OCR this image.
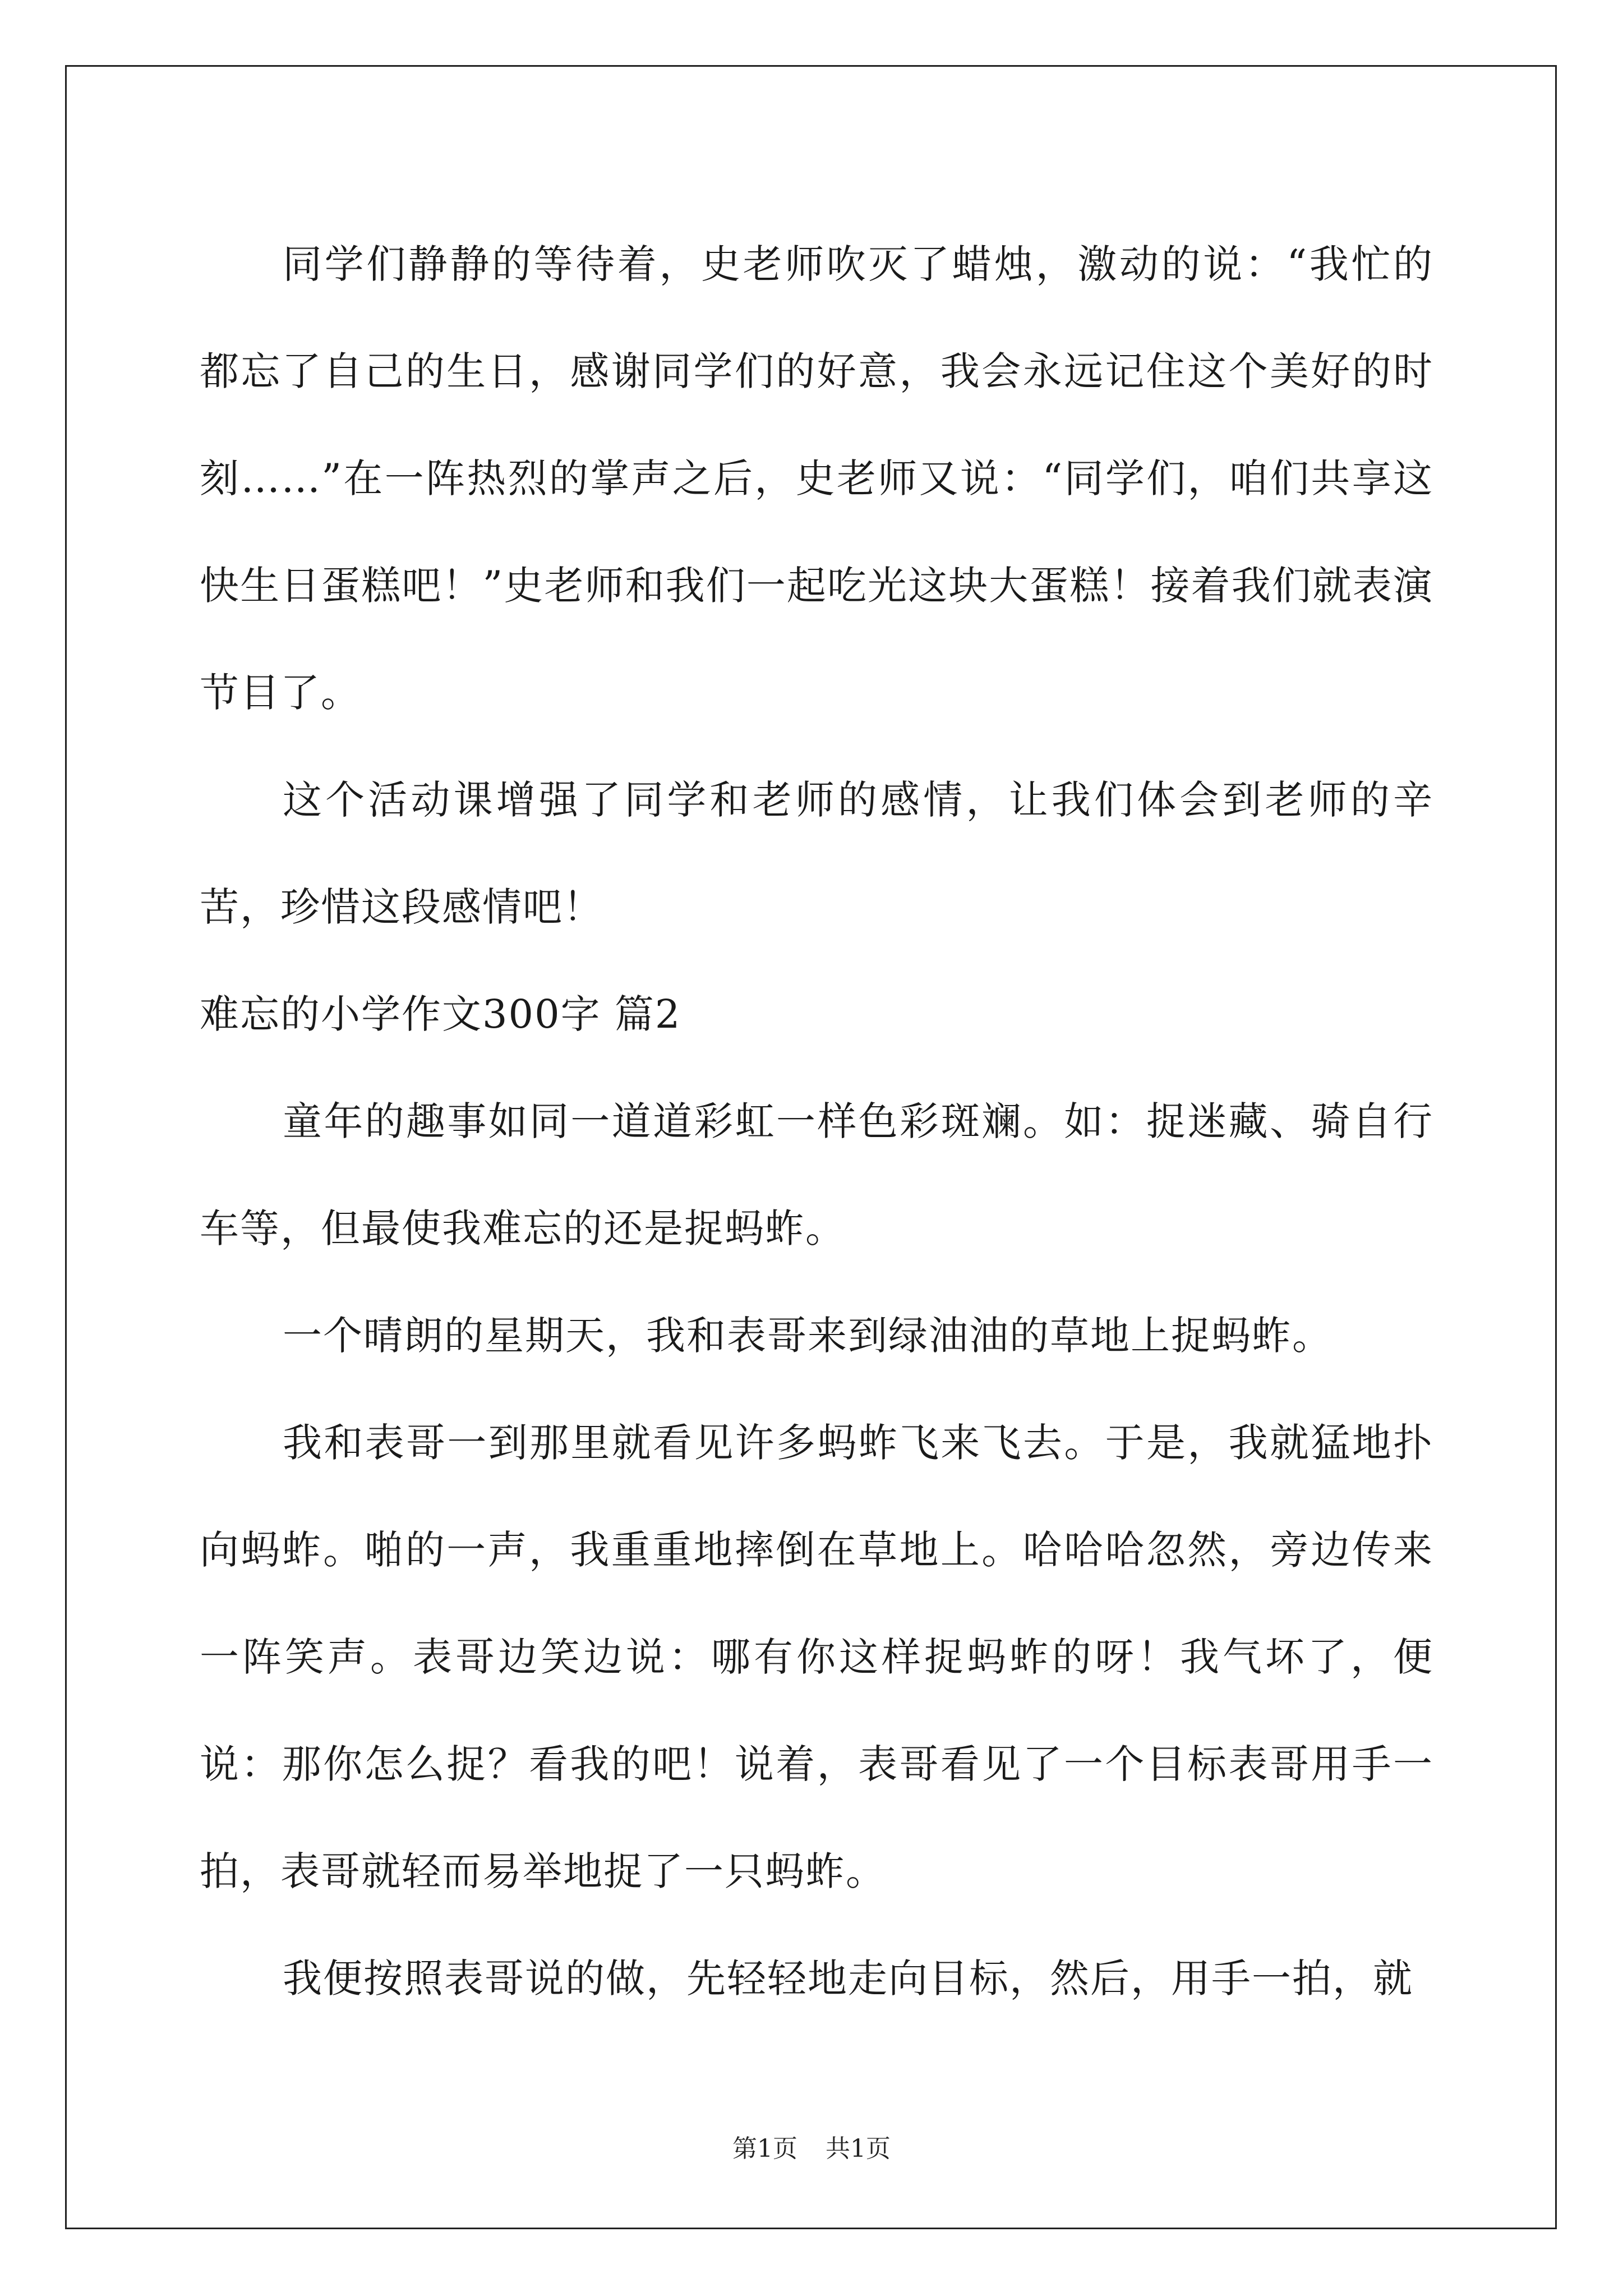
同学们静静的等待着，史老师吹灭了蜡烛，激动的说：“我忙的都忘了自己的生日，感谢同学们的好意，我会永远记住这个美好的时刻……”在一阵热烈的掌声之后，史老师又说：“同学们，咱们共享这快生日蛋糕吧！”史老师和我们一起吃光这块大蛋糕！接着我们就表演节目了。

这个活动课增强了同学和老师的感情，让我们体会到老师的辛苦，珍惜这段感情吧！

难忘的小学作文300字 篇2

童年的趣事如同一道道彩虹一样色彩斑斓。如：捉迷藏、骑自行车等，但最使我难忘的还是捉蚂蚱。

一个晴朗的星期天，我和表哥来到绿油油的草地上捉蚂蚱。

我和表哥一到那里就看见许多蚂蚱飞来飞去。于是，我就猛地扑向蚂蚱。啪的一声，我重重地摔倒在草地上。哈哈哈忽然，旁边传来一阵笑声。表哥边笑边说：哪有你这样捉蚂蚱的呀！我气坏了，便说：那你怎么捉？看我的吧！说着，表哥看见了一个目标表哥用手一拍，表哥就轻而易举地捉了一只蚂蚱。

我便按照表哥说的做，先轻轻地走向目标，然后，用手一拍，就

第1页 共1页
